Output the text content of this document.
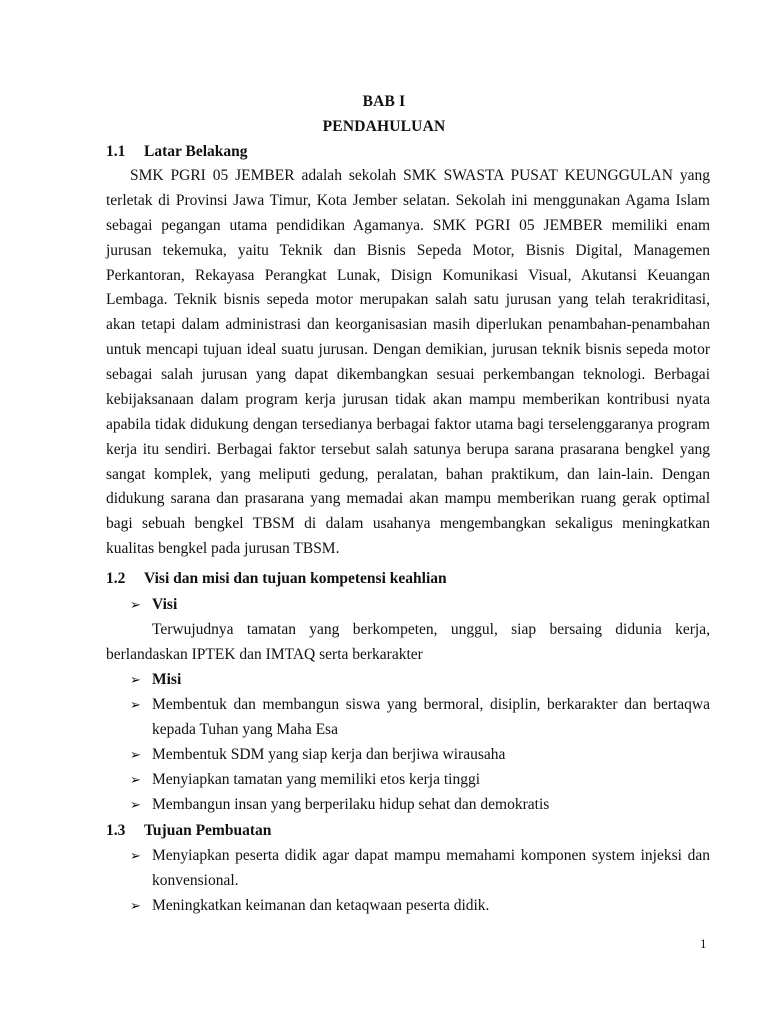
BAB I
PENDAHULUAN
1.1 Latar Belakang

SMK PGRI 05 JEMBER adalah sekolah SMK SWASTA PUSAT KEUNGGULAN yang terletak di Provinsi Jawa Timur, Kota Jember selatan. Sekolah ini menggunakan Agama Islam sebagai pegangan utama pendidikan Agamanya. SMK PGRI 05 JEMBER memiliki enam jurusan tekemuka, yaitu Teknik dan Bisnis Sepeda Motor, Bisnis Digital, Managemen Perkantoran, Rekayasa Perangkat Lunak, Disign Komunikasi Visual, Akutansi Keuangan Lembaga. Teknik bisnis sepeda motor merupakan salah satu jurusan yang telah terakriditasi, akan tetapi dalam administrasi dan keorganisasian masih diperlukan penambahan-penambahan untuk mencapi tujuan ideal suatu jurusan. Dengan demikian, jurusan teknik bisnis sepeda motor sebagai salah jurusan yang dapat dikembangkan sesuai perkembangan teknologi. Berbagai kebijaksanaan dalam program kerja jurusan tidak akan mampu memberikan kontribusi nyata apabila tidak didukung dengan tersedianya berbagai faktor utama bagi terselenggaranya program kerja itu sendiri. Berbagai faktor tersebut salah satunya berupa sarana prasarana bengkel yang sangat komplek, yang meliputi gedung, peralatan, bahan praktikum, dan lain-lain. Dengan didukung sarana dan prasarana yang memadai akan mampu memberikan ruang gerak optimal bagi sebuah bengkel TBSM di dalam usahanya mengembangkan sekaligus meningkatkan kualitas bengkel pada jurusan TBSM.

1.2 Visi dan misi dan tujuan kompetensi keahlian
➢ Visi

Terwujudnya tamatan yang berkompeten, unggul, siap bersaing didunia kerja, berlandaskan IPTEK dan IMTAQ serta berkarakter

➢ Misi
➢ Membentuk dan membangun siswa yang bermoral, disiplin, berkarakter dan bertaqwa kepada Tuhan yang Maha Esa
➢ Membentuk SDM yang siap kerja dan berjiwa wirausaha
➢ Menyiapkan tamatan yang memiliki etos kerja tinggi
➢ Membangun insan yang berperilaku hidup sehat dan demokratis
1.3 Tujuan Pembuatan
➢ Menyiapkan peserta didik agar dapat mampu memahami komponen system injeksi dan konvensional.
➢ Meningkatkan keimanan dan ketaqwaan peserta didik.
1
